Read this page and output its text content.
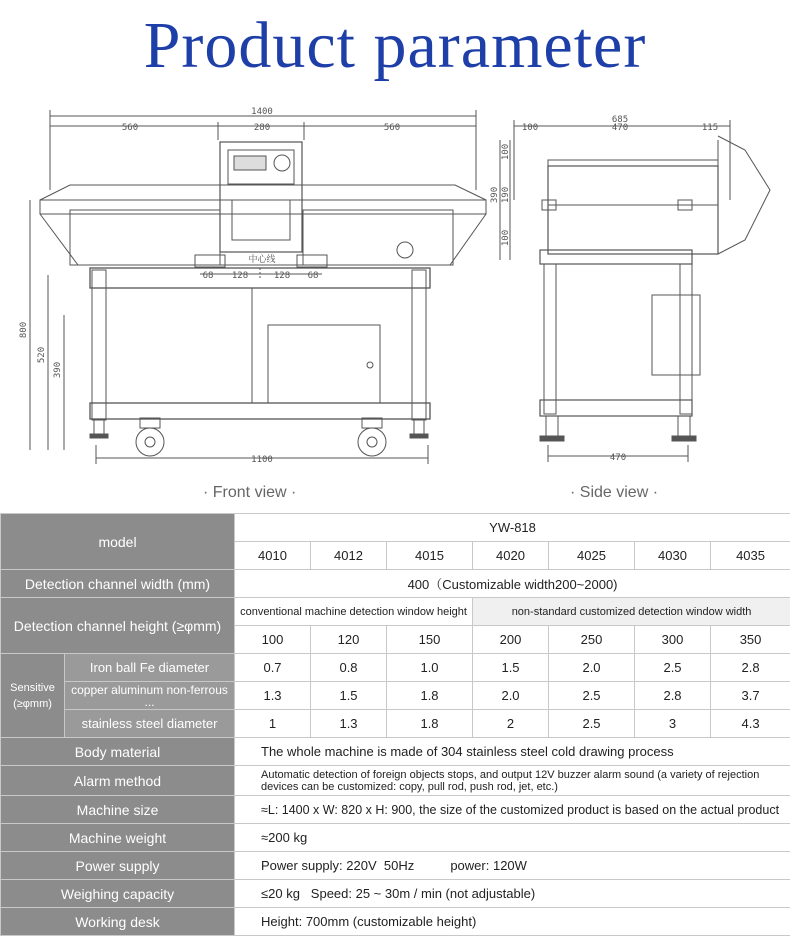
Product parameter
1400
560	280	560
800
520
390
1100
68 128	128 68
中心线
685
100	470	115
390 190
100
100
470
· Front view ·	· Side view ·
model		YW-818						
		4010	4012	4015	4020	4025	4030	4035
Detection channel width (mm)		400（Customizable width200~2000)						
Detection channel height (≥φmm)		conventional machine detection window height			non-standard customized detection window width			
		100	120	150	200	250	300	350
Sensitive (≥φmm)	Iron ball Fe diameter	0.7	0.8	1.0	1.5	2.0	2.5	2.8
	copper aluminum non-ferrous ...	1.3	1.5	1.8	2.0	2.5	2.8	3.7
	stainless steel diameter	1	1.3	1.8	2	2.5	3	4.3
Body material		The whole machine is made of 304 stainless steel cold drawing process						
Alarm method		Automatic detection of foreign objects stops, and output 12V buzzer alarm sound (a variety of rejection devices can be customized: copy, pull rod, push rod, jet, etc.)						
Machine size		≈L: 1400 x W: 820 x H: 900, the size of the customized product is based on the actual product						
Machine weight		≈200 kg						
Power supply		Power supply: 220V  50Hz          power: 120W						
Weighing capacity		≤20 kg   Speed: 25 ~ 30m / min (not adjustable)						
Working desk		Height: 700mm (customizable height)						
